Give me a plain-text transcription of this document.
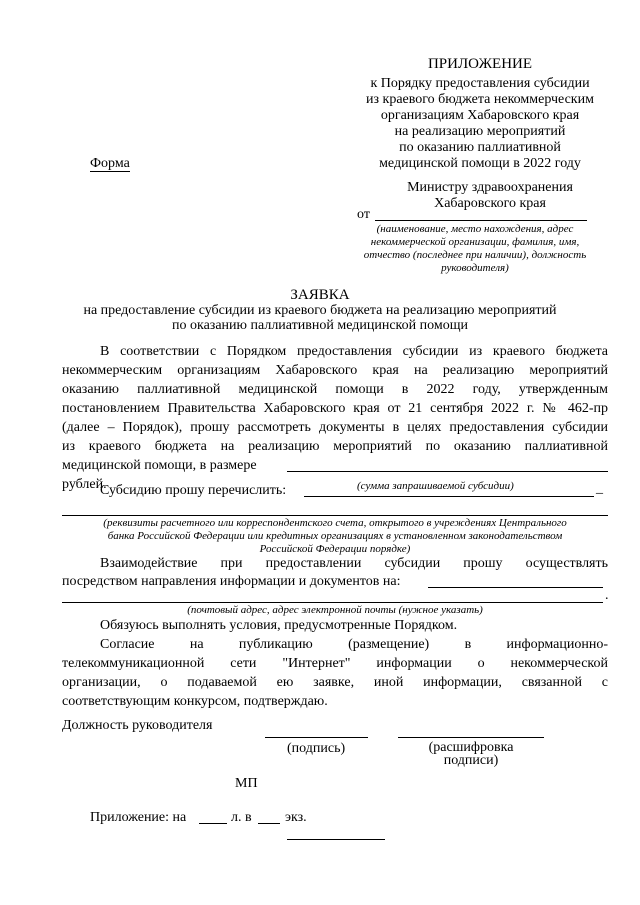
ПРИЛОЖЕНИЕ
к Порядку предоставления субсидии
из краевого бюджета некоммерческим
организациям Хабаровского края
на реализацию мероприятий
по оказанию паллиативной
медицинской помощи в 2022 году
Форма
Министру здравоохранения
Хабаровского края
от
(наименование, место нахождения, адрес
некоммерческой организации, фамилия, имя,
отчество (последнее при наличии), должность
руководителя)
ЗАЯВКА
на предоставление субсидии из краевого бюджета на реализацию мероприятий
по оказанию паллиативной медицинской помощи
В соответствии с Порядком предоставления субсидии из краевого бюджета
некоммерческим организациям Хабаровского края на реализацию мероприятий
оказанию паллиативной медицинской помощи в 2022 году, утвержденным
постановлением Правительства Хабаровского края от 21 сентября 2022 г. № 462-пр
(далее – Порядок), прошу рассмотреть документы в целях предоставления субсидии
из краевого бюджета на реализацию мероприятий по оказанию паллиативной
медицинской помощи, в размере
рублей.	(сумма запрашиваемой субсидии)
Субсидию прошу перечислить:	_
(реквизиты расчетного или корреспондентского счета, открытого в учреждениях Центрального
банка Российской Федерации или кредитных организациях в установленном законодательством
Российской Федерации порядке)
Взаимодействие при предоставлении субсидии прошу осуществлять
посредством направления информации и документов на:
.
(почтовый адрес, адрес электронной почты (нужное указать)
Обязуюсь выполнять условия, предусмотренные Порядком.
Согласие на публикацию (размещение) в информационно-
телекоммуникационной сети "Интернет" информации о некоммерческой
организации, о подаваемой ею заявке, иной информации, связанной с
соответствующим конкурсом, подтверждаю.
Должность руководителя
(подпись)	(расшифровка
подписи)
МП
Приложение: на	л. в экз.
